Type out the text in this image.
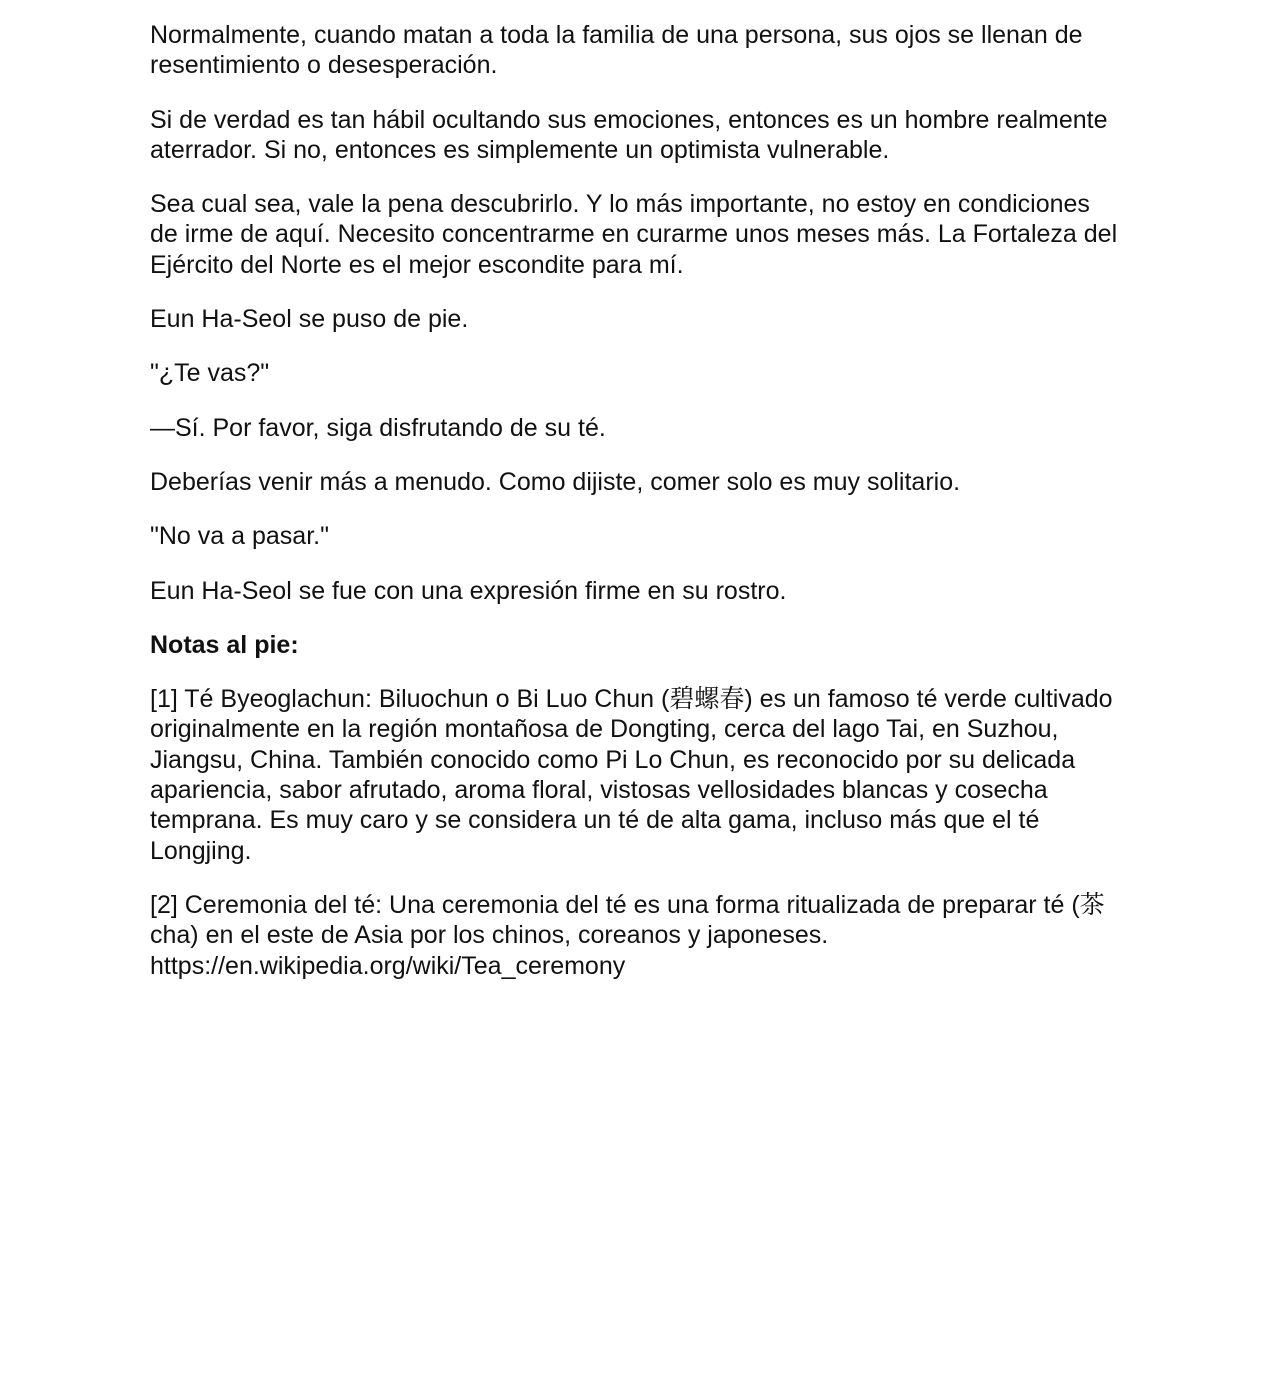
Normalmente, cuando matan a toda la familia de una persona, sus ojos se llenan de
resentimiento o desesperación.
Si de verdad es tan hábil ocultando sus emociones, entonces es un hombre realmente
aterrador. Si no, entonces es simplemente un optimista vulnerable.
Sea cual sea, vale la pena descubrirlo. Y lo más importante, no estoy en condiciones
de irme de aquí. Necesito concentrarme en curarme unos meses más. La Fortaleza del
Ejército del Norte es el mejor escondite para mí.
Eun Ha-Seol se puso de pie.
"¿Te vas?"
—Sí. Por favor, siga disfrutando de su té.
Deberías venir más a menudo. Como dijiste, comer solo es muy solitario.
"No va a pasar."
Eun Ha-Seol se fue con una expresión firme en su rostro.
Notas al pie:
[1] Té Byeoglachun: Biluochun o Bi Luo Chun (碧螺春) es un famoso té verde cultivado
originalmente en la región montañosa de Dongting, cerca del lago Tai, en Suzhou,
Jiangsu, China. También conocido como Pi Lo Chun, es reconocido por su delicada
apariencia, sabor afrutado, aroma floral, vistosas vellosidades blancas y cosecha
temprana. Es muy caro y se considera un té de alta gama, incluso más que el té
Longjing.
[2] Ceremonia del té: Una ceremonia del té es una forma ritualizada de preparar té (茶
cha) en el este de Asia por los chinos, coreanos y japoneses.
https://en.wikipedia.org/wiki/Tea_ceremony
